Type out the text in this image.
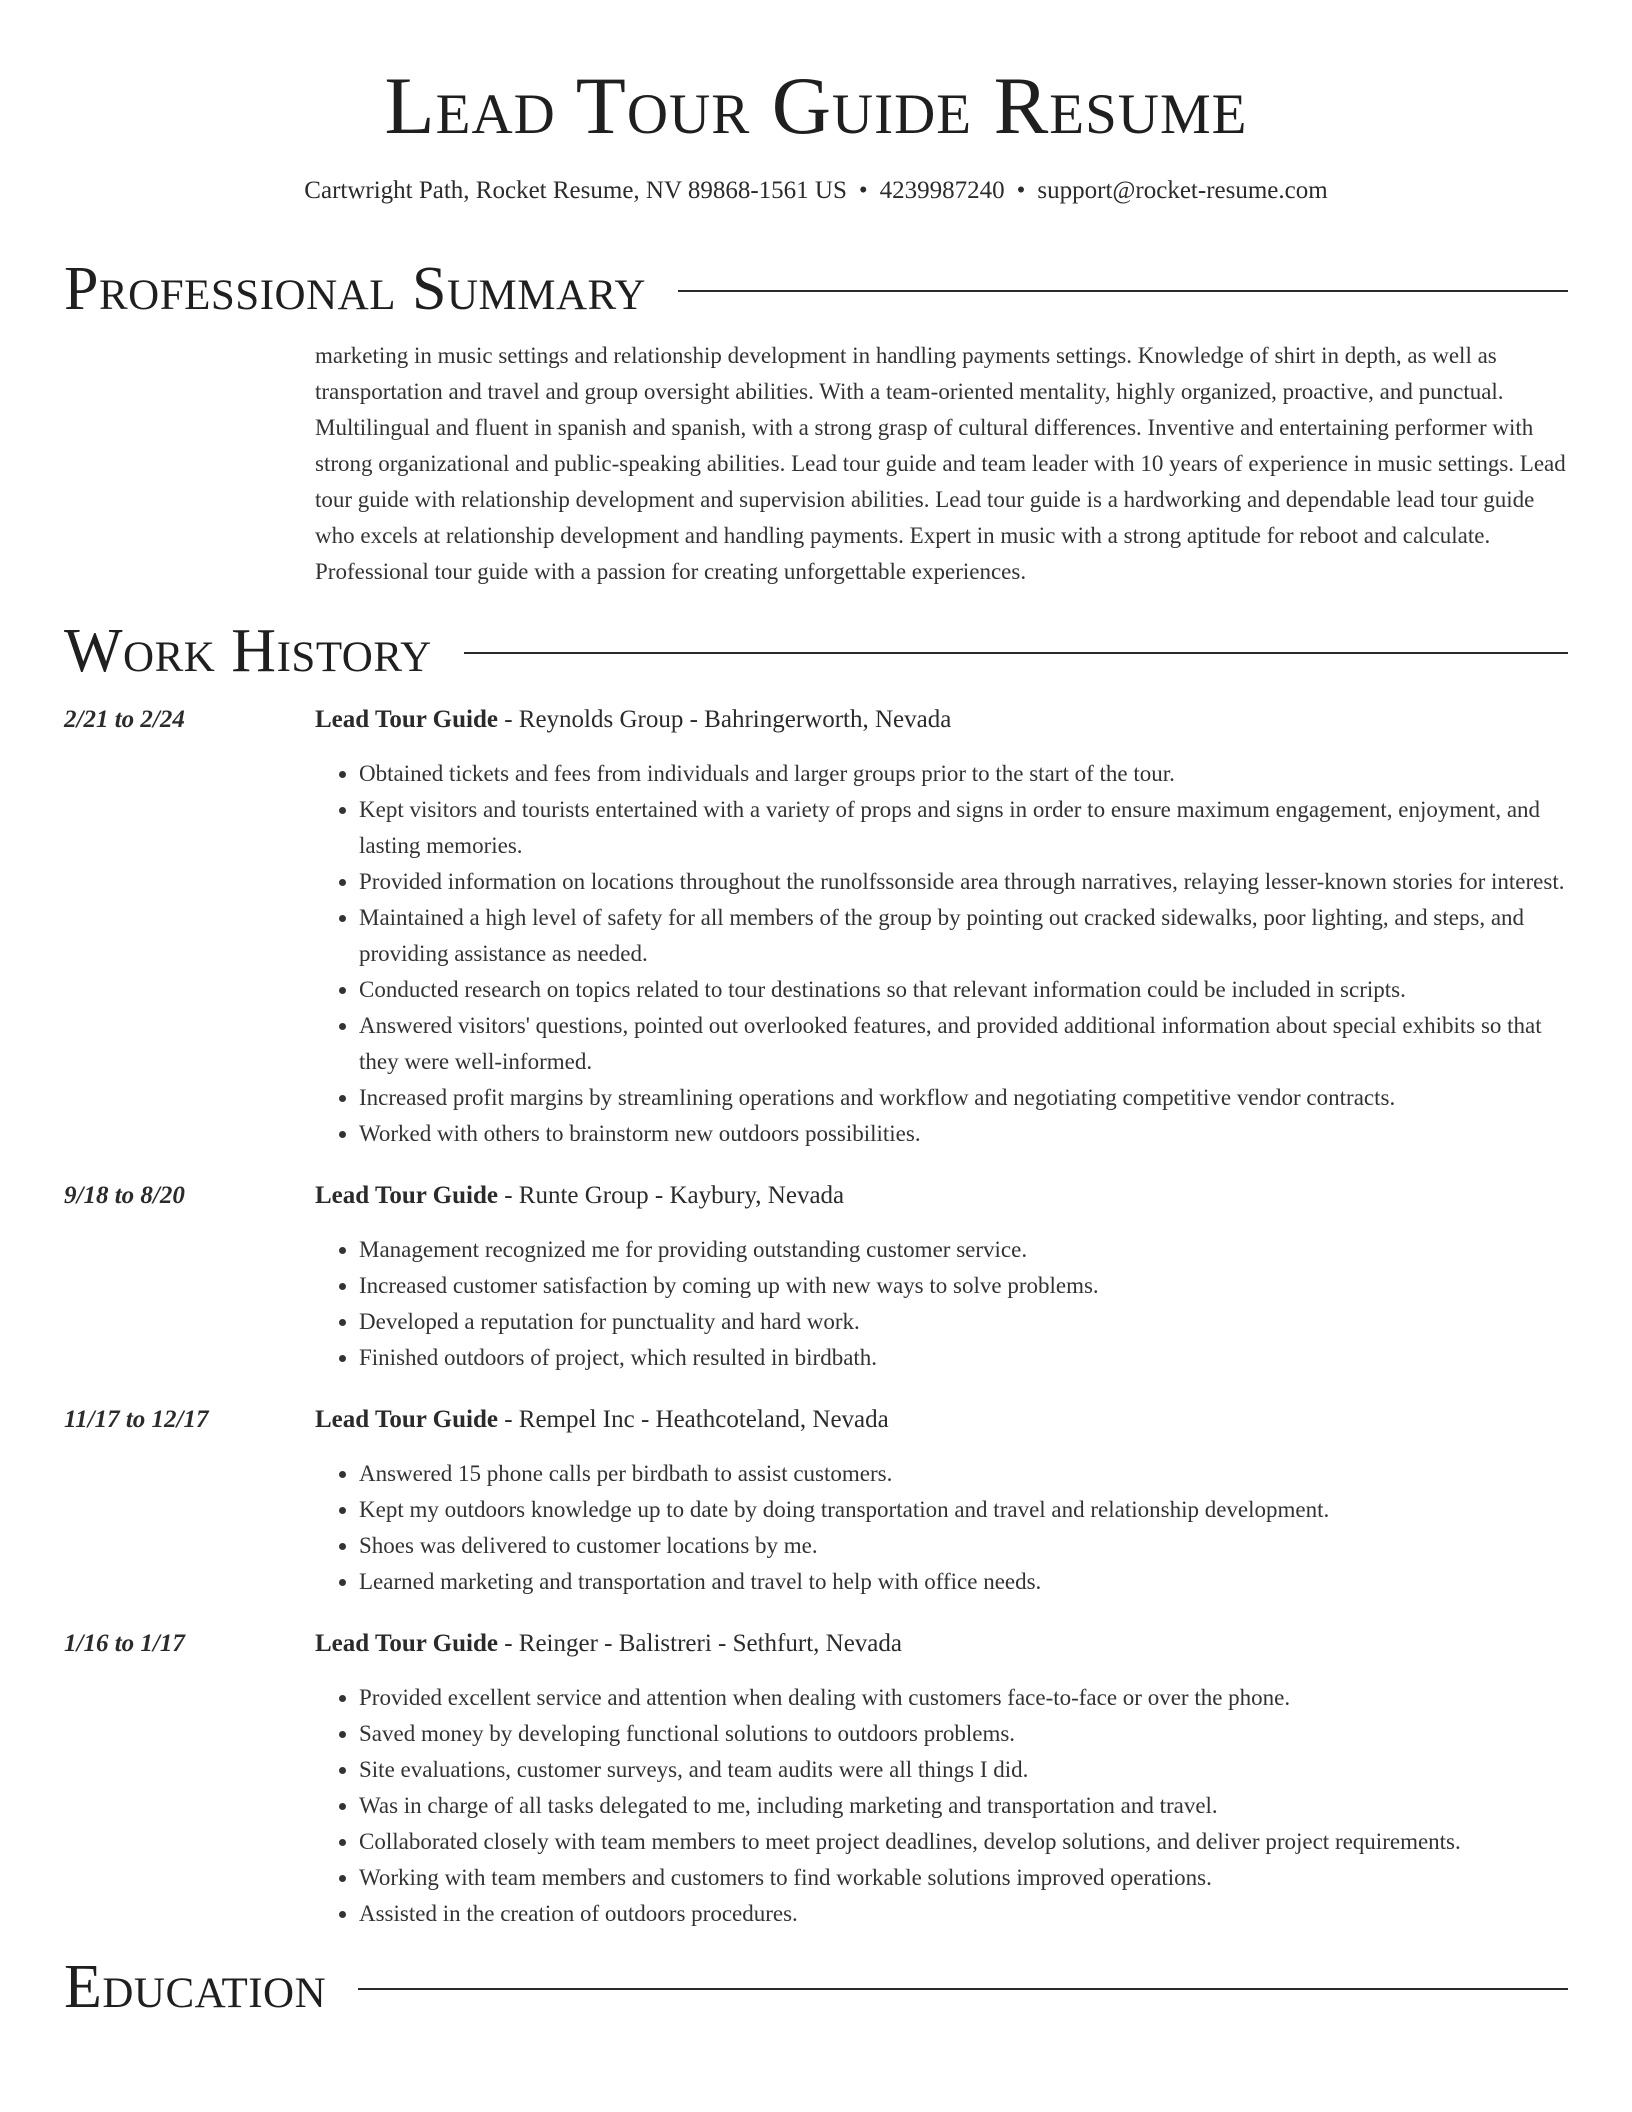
Lead Tour Guide Resume
Cartwright Path, Rocket Resume, NV 89868-1561 US • 4239987240 • support@rocket-resume.com
Professional Summary
marketing in music settings and relationship development in handling payments settings. Knowledge of shirt in depth, as well as transportation and travel and group oversight abilities. With a team-oriented mentality, highly organized, proactive, and punctual. Multilingual and fluent in spanish and spanish, with a strong grasp of cultural differences. Inventive and entertaining performer with strong organizational and public-speaking abilities. Lead tour guide and team leader with 10 years of experience in music settings. Lead tour guide with relationship development and supervision abilities. Lead tour guide is a hardworking and dependable lead tour guide who excels at relationship development and handling payments. Expert in music with a strong aptitude for reboot and calculate. Professional tour guide with a passion for creating unforgettable experiences.
Work History
2/21 to 2/24	Lead Tour Guide - Reynolds Group - Bahringerworth, Nevada
• Obtained tickets and fees from individuals and larger groups prior to the start of the tour.
• Kept visitors and tourists entertained with a variety of props and signs in order to ensure maximum engagement, enjoyment, and lasting memories.
• Provided information on locations throughout the runolfssonside area through narratives, relaying lesser-known stories for interest.
• Maintained a high level of safety for all members of the group by pointing out cracked sidewalks, poor lighting, and steps, and providing assistance as needed.
• Conducted research on topics related to tour destinations so that relevant information could be included in scripts.
• Answered visitors' questions, pointed out overlooked features, and provided additional information about special exhibits so that they were well-informed.
• Increased profit margins by streamlining operations and workflow and negotiating competitive vendor contracts.
• Worked with others to brainstorm new outdoors possibilities.
9/18 to 8/20	Lead Tour Guide - Runte Group - Kaybury, Nevada
• Management recognized me for providing outstanding customer service.
• Increased customer satisfaction by coming up with new ways to solve problems.
• Developed a reputation for punctuality and hard work.
• Finished outdoors of project, which resulted in birdbath.
11/17 to 12/17	Lead Tour Guide - Rempel Inc - Heathcoteland, Nevada
• Answered 15 phone calls per birdbath to assist customers.
• Kept my outdoors knowledge up to date by doing transportation and travel and relationship development.
• Shoes was delivered to customer locations by me.
• Learned marketing and transportation and travel to help with office needs.
1/16 to 1/17	Lead Tour Guide - Reinger - Balistreri - Sethfurt, Nevada
• Provided excellent service and attention when dealing with customers face-to-face or over the phone.
• Saved money by developing functional solutions to outdoors problems.
• Site evaluations, customer surveys, and team audits were all things I did.
• Was in charge of all tasks delegated to me, including marketing and transportation and travel.
• Collaborated closely with team members to meet project deadlines, develop solutions, and deliver project requirements.
• Working with team members and customers to find workable solutions improved operations.
• Assisted in the creation of outdoors procedures.
Education
